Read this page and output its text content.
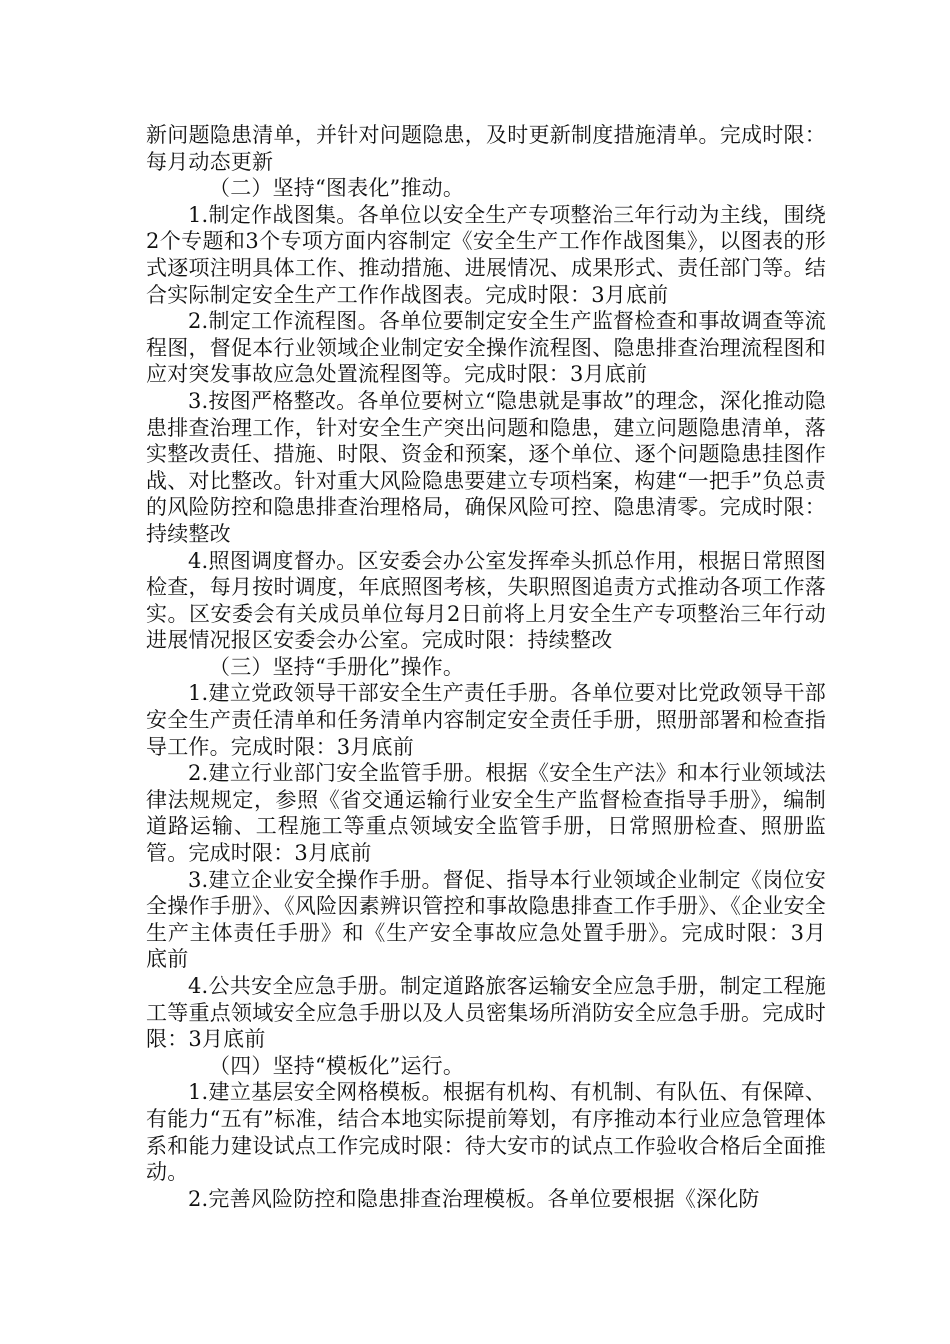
新问题隐患清单，并针对问题隐患，及时更新制度措施清单。完成时限：每月动态更新

（二）坚持“图表化”推动。

1.制定作战图集。各单位以安全生产专项整治三年行动为主线，围绕2个专题和3个专项方面内容制定《安全生产工作作战图集》，以图表的形式逐项注明具体工作、推动措施、进展情况、成果形式、责任部门等。结合实际制定安全生产工作作战图表。完成时限：3月底前

2.制定工作流程图。各单位要制定安全生产监督检查和事故调查等流程图，督促本行业领域企业制定安全操作流程图、隐患排查治理流程图和应对突发事故应急处置流程图等。完成时限：3月底前

3.按图严格整改。各单位要树立“隐患就是事故”的理念，深化推动隐患排查治理工作，针对安全生产突出问题和隐患，建立问题隐患清单，落实整改责任、措施、时限、资金和预案，逐个单位、逐个问题隐患挂图作战、对比整改。针对重大风险隐患要建立专项档案，构建“一把手”负总责的风险防控和隐患排查治理格局，确保风险可控、隐患清零。完成时限：持续整改

4.照图调度督办。区安委会办公室发挥牵头抓总作用，根据日常照图检查，每月按时调度，年底照图考核，失职照图追责方式推动各项工作落实。区安委会有关成员单位每月2日前将上月安全生产专项整治三年行动进展情况报区安委会办公室。完成时限：持续整改

（三）坚持“手册化”操作。

1.建立党政领导干部安全生产责任手册。各单位要对比党政领导干部安全生产责任清单和任务清单内容制定安全责任手册，照册部署和检查指导工作。完成时限：3月底前

2.建立行业部门安全监管手册。根据《安全生产法》和本行业领域法律法规规定，参照《省交通运输行业安全生产监督检查指导手册》，编制道路运输、工程施工等重点领域安全监管手册，日常照册检查、照册监管。完成时限：3月底前

3.建立企业安全操作手册。督促、指导本行业领域企业制定《岗位安全操作手册》、《风险因素辨识管控和事故隐患排查工作手册》、《企业安全生产主体责任手册》和《生产安全事故应急处置手册》。完成时限：3月底前

4.公共安全应急手册。制定道路旅客运输安全应急手册，制定工程施工等重点领域安全应急手册以及人员密集场所消防安全应急手册。完成时限：3月底前

（四）坚持“模板化”运行。

1.建立基层安全网格模板。根据有机构、有机制、有队伍、有保障、有能力“五有”标准，结合本地实际提前筹划，有序推动本行业应急管理体系和能力建设试点工作完成时限：待大安市的试点工作验收合格后全面推动。

2.完善风险防控和隐患排查治理模板。各单位要根据《深化防
